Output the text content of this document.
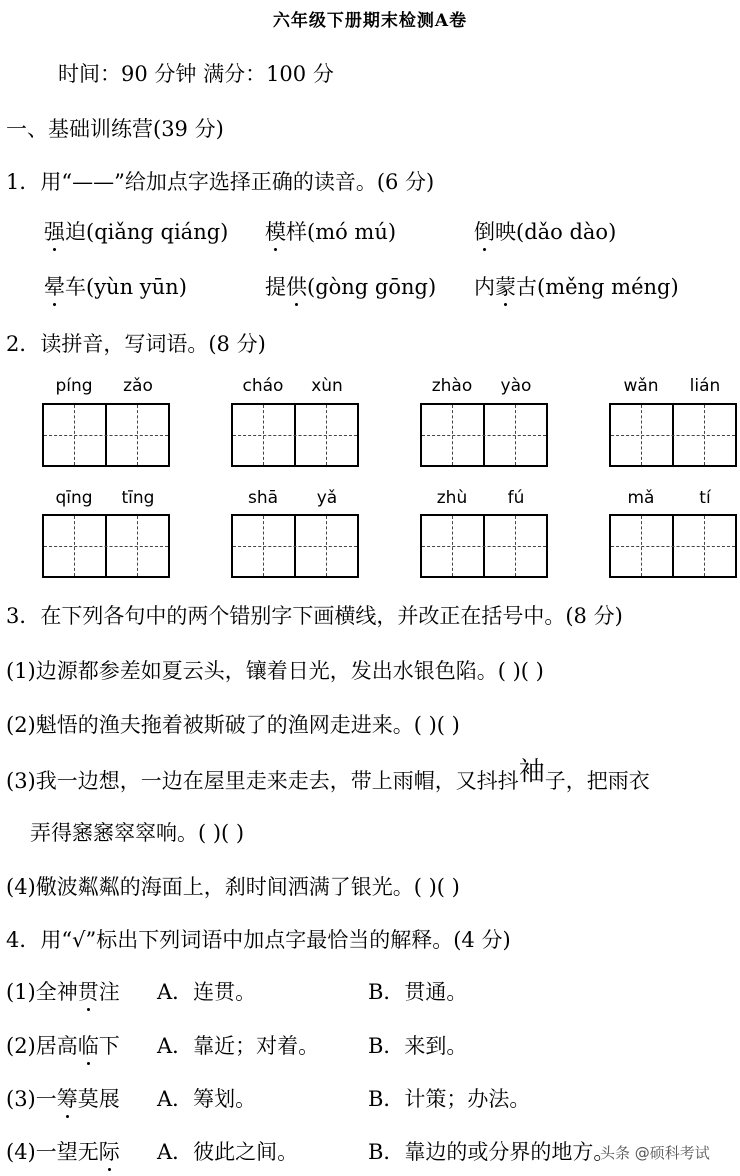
六年级下册期末检测A卷
时间：90 分钟 满分：100 分
一、基础训练营(39 分)
1．用“——”给加点字选择正确的读音。(6 分)
强迫(qiǎng qiáng) 模样(mó mú)	倒映(dǎo dào)
晕车(yùn yūn)	提供(gòng gōng) 内蒙古(měng méng)
2．读拼音，写词语。(8 分)
píng	zǎo	cháo	xùn	zhào	yào	wǎn	lián
qīng	tīng	shā	yǎ	zhù	fú	mǎ	tí
3．在下列各句中的两个错别字下画横线，并改正在括号中。(8 分)
(1)边源都参差如夏云头，镶着日光，发出水银色陷。( )( )
(2)魁悟的渔夫拖着被斯破了的渔网走进来。( )( )
(3)我一边想，一边在屋里走来走去，带上雨帽，又抖抖袖子，把雨衣
弄得窸窸窣窣响。( )( )
(4)儆波粼粼的海面上，刹时间洒满了银光。( )( )
4．用“√”标出下列词语中加点字最恰当的解释。(4 分)
(1)全神贯注 A．连贯。	B．贯通。
(2)居高临下 A．靠近；对着。 B．来到。
(3)一筹莫展 A．筹划。	B．计策；办法。
(4)一望无际 A．彼此之间。	B．靠边的或分界的地方。
头条 @硕科考试
